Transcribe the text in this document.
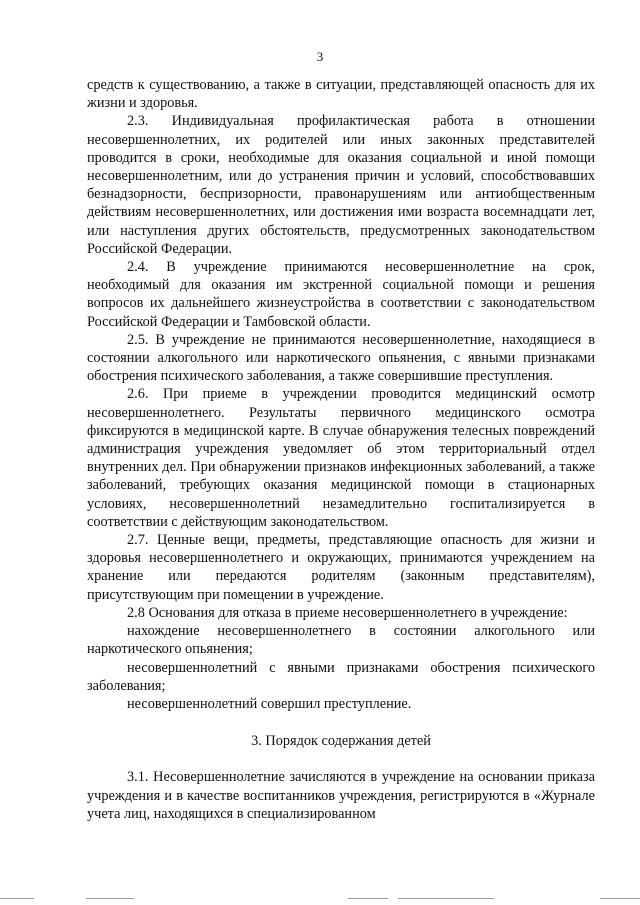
3

средств к существованию, а также в ситуации, представляющей опасность для их жизни и здоровья.

2.3. Индивидуальная профилактическая работа в отношении несовершеннолетних, их родителей или иных законных представителей проводится в сроки, необходимые для оказания социальной и иной помощи несовершеннолетним, или до устранения причин и условий, способствовавших безнадзорности, беспризорности, правонарушениям или антиобщественным действиям несовершеннолетних, или достижения ими возраста восемнадцати лет, или наступления других обстоятельств, предусмотренных законодательством Российской Федерации.

2.4. В учреждение принимаются несовершеннолетние на срок, необходимый для оказания им экстренной социальной помощи и решения вопросов их дальнейшего жизнеустройства в соответствии с законодательством Российской Федерации и Тамбовской области.

2.5. В учреждение не принимаются несовершеннолетние, находящиеся в состоянии алкогольного или наркотического опьянения, с явными признаками обострения психического заболевания, а также совершившие преступления.

2.6. При приеме в учреждении проводится медицинский осмотр несовершеннолетнего. Результаты первичного медицинского осмотра фиксируются в медицинской карте. В случае обнаружения телесных повреждений администрация учреждения уведомляет об этом территориальный отдел внутренних дел. При обнаружении признаков инфекционных заболеваний, а также заболеваний, требующих оказания медицинской помощи в стационарных условиях, несовершеннолетний незамедлительно госпитализируется в соответствии с действующим законодательством.

2.7. Ценные вещи, предметы, представляющие опасность для жизни и здоровья несовершеннолетнего и окружающих, принимаются учреждением на хранение или передаются родителям (законным представителям), присутствующим при помещении в учреждение.

2.8 Основания для отказа в приеме несовершеннолетнего в учреждение:

нахождение несовершеннолетнего в состоянии алкогольного или наркотического опьянения;

несовершеннолетний с явными признаками обострения психического заболевания;

несовершеннолетний совершил преступление.

3. Порядок содержания детей

3.1. Несовершеннолетние зачисляются в учреждение на основании приказа учреждения и в качестве воспитанников учреждения, регистрируются в «Журнале учета лиц, находящихся в специализированном
